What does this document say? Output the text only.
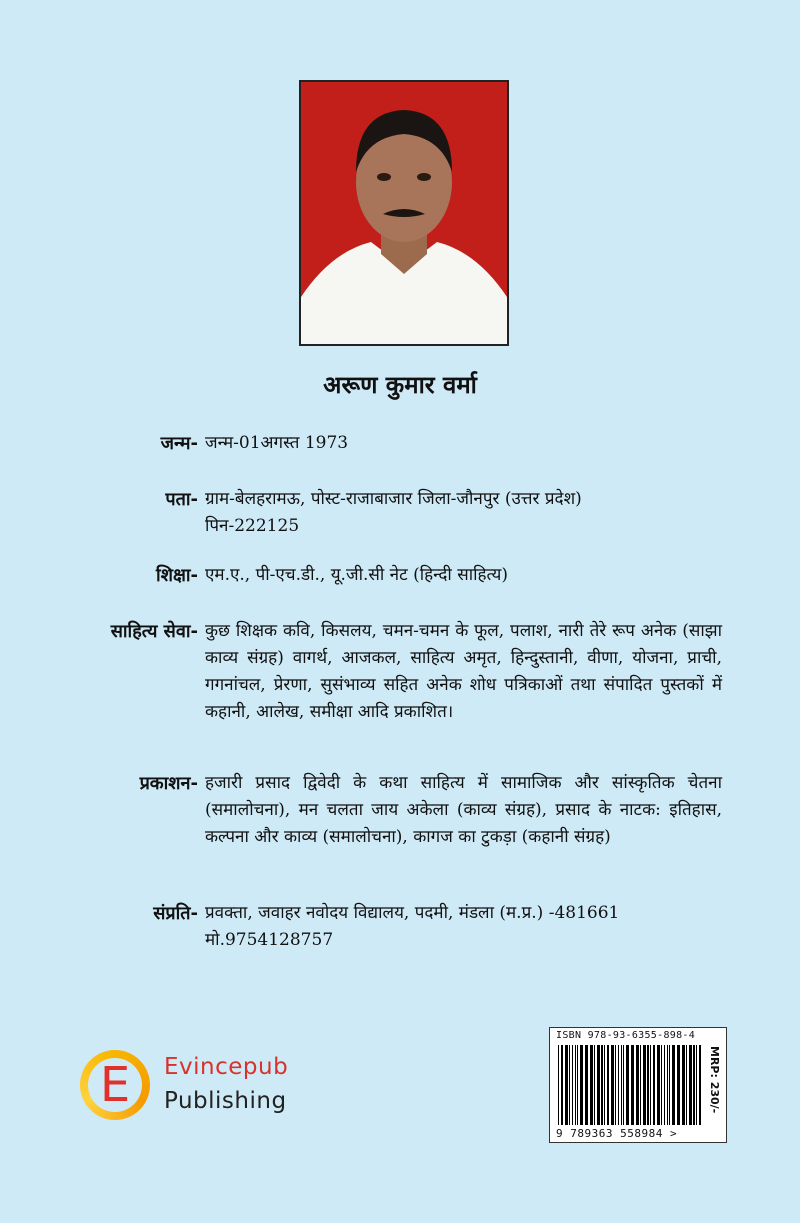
अरूण कुमार वर्मा
जन्म- जन्म-01अगस्त 1973

पता- ग्राम-बेलहरामऊ, पोस्ट-राजाबाजार जिला-जौनपुर (उत्तर प्रदेश)

पिन-222125

शिक्षा- एम.ए., पी-एच.डी., यू.जी.सी नेट (हिन्दी साहित्य)

साहित्य सेवा- कुछ शिक्षक कवि, किसलय, चमन-चमन के फूल, पलाश, नारी तेरे रूप अनेक (साझा काव्य संग्रह) वागर्थ, आजकल, साहित्य अमृत, हिन्दुस्तानी, वीणा, योजना, प्राची, गगनांचल, प्रेरणा, सुसंभाव्य सहित अनेक शोध पत्रिकाओं तथा संपादित पुस्तकों में कहानी, आलेख, समीक्षा आदि प्रकाशित।

प्रकाशन- हजारी प्रसाद द्विवेदी के कथा साहित्य में सामाजिक और सांस्कृतिक चेतना (समालोचना), मन चलता जाय अकेला (काव्य संग्रह), प्रसाद के नाटक: इतिहास, कल्पना और काव्य (समालोचना), कागज का टुकड़ा (कहानी संग्रह)

संप्रति- प्रवक्ता, जवाहर नवोदय विद्यालय, पदमी, मंडला (म.प्र.) -481661

मो.9754128757

E	Evincepub
Publishing
ISBN 978-93-6355-898-4
9 789363 558984 >
MRP: 230/-
